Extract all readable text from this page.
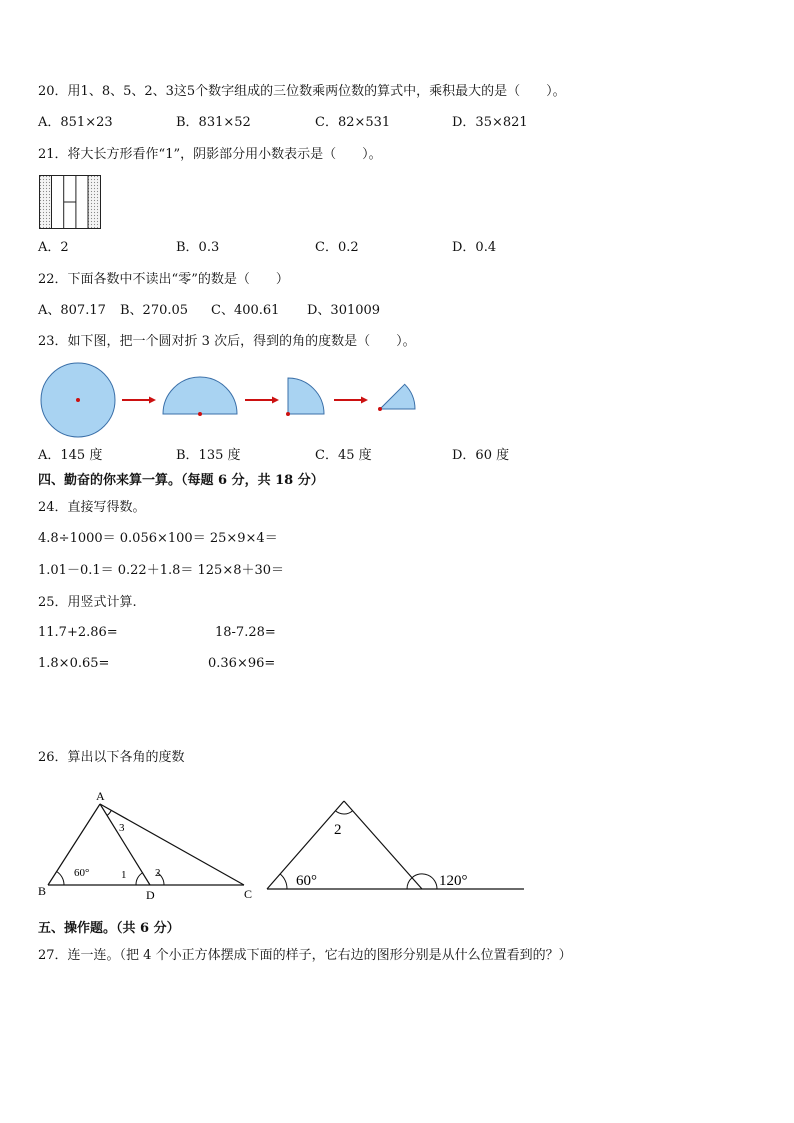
20．用1、8、5、2、3这5个数字组成的三位数乘两位数的算式中，乘积最大的是（　　）。
A．851×23	B．831×52	C．82×531	D．35×821
21．将大长方形看作“1”，阴影部分用小数表示是（　　）。
A．2	B．0.3	C．0.2	D．0.4
22．下面各数中不读出“零”的数是（　　）
A、807.17 B、270.05 C、400.61 D、301009
23．如下图，把一个圆对折 3 次后，得到的角的度数是（　　）。
A．145 度	B．135 度	C．45 度	D．60 度
四、勤奋的你来算一算。（每题 6 分，共 18 分）
24．直接写得数。
4.8÷1000＝ 0.056×100＝ 25×9×4＝
1.01－0.1＝ 0.22＋1.8＝ 125×8＋30＝
25．用竖式计算.
11.7+2.86=	18-7.28=
1.8×0.65=	0.36×96=
26．算出以下各角的度数
A
B	C
D
60°	1	2
3	2
60°	120°
五、操作题。（共 6 分）
27．连一连。（把 4 个小正方体摆成下面的样子，它右边的图形分别是从什么位置看到的？）
